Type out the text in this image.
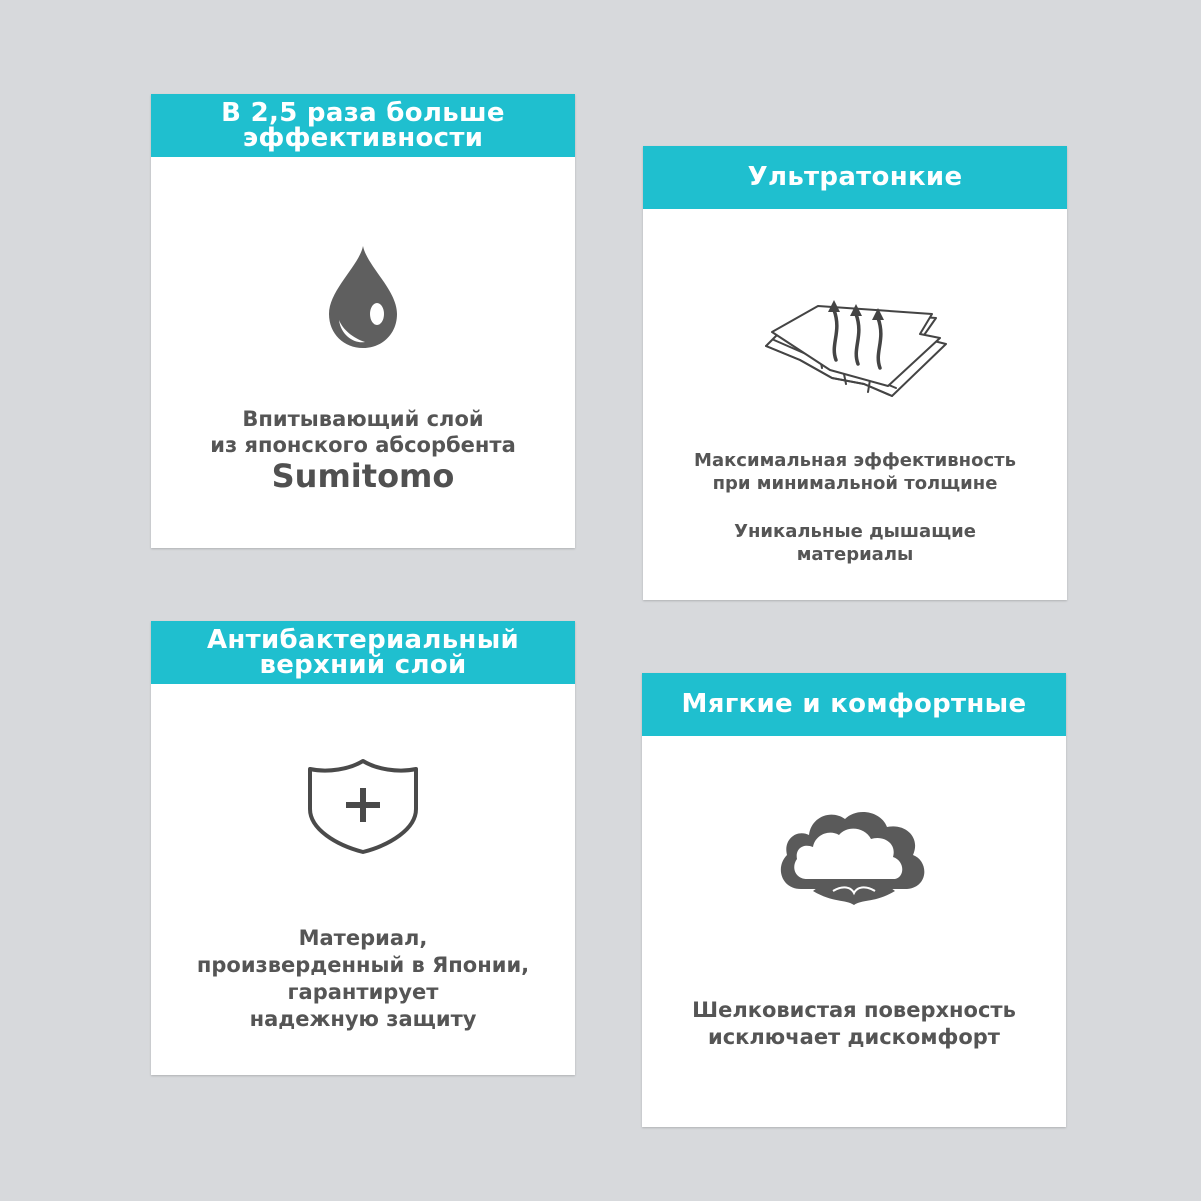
В 2,5 раза больше
эффективности
Впитывающий слой
из японского абсорбента
Sumitomo
Ультратонкие
Максимальная эффективность
при минимальной толщине
Уникальные дышащие
материалы
Антибактериальный
верхний слой
Материал,
произверденный в Японии,
гарантирует
надежную защиту
Мягкие и комфортные
Шелковистая поверхность
исключает дискомфорт
